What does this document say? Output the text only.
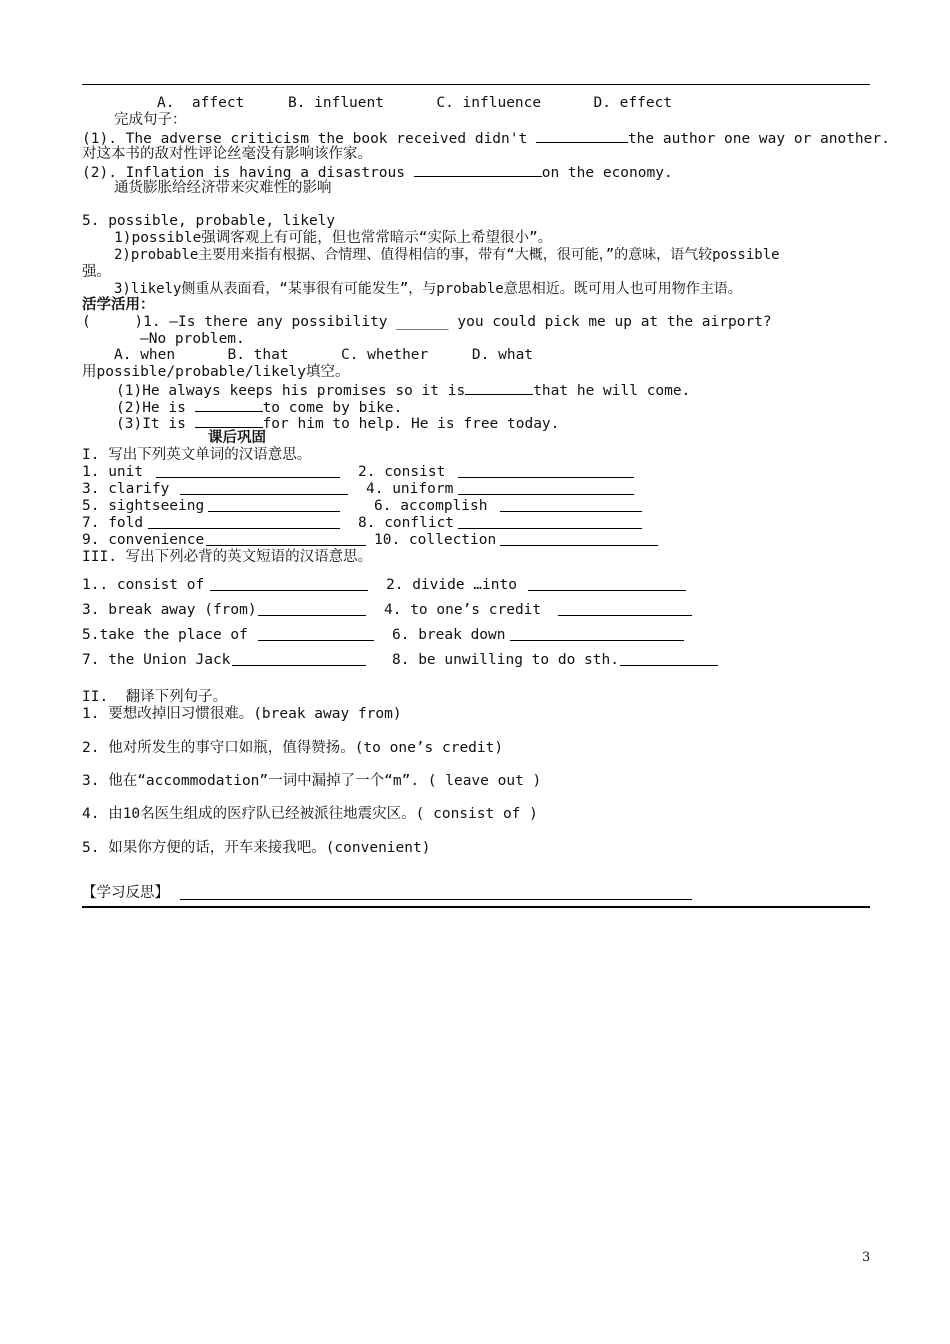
A.  affect     B. influent      C. influence      D. effect
完成句子：
(1). The adverse criticism the book received didn't	the author one way or another.
对这本书的敌对性评论丝毫没有影响该作家。
(2). Inflation is having a disastrous	on the economy.
通货膨胀给经济带来灾难性的影响
5. possible, probable, likely
1)possible强调客观上有可能，但也常常暗示“实际上希望很小”。
2)probable主要用来指有根据、合情理、值得相信的事，带有“大概，很可能，”的意味，语气较possible
强。
3)likely侧重从表面看，“某事很有可能发生”，与probable意思相近。既可用人也可用物作主语。
活学活用：
(     )1. —Is there any possibility ______ you could pick me up at the airport?
—No problem.
A. when      B. that      C. whether     D. what
用possible/probable/likely填空。
(1)He always keeps his promises so it is	that he will come.
(2)He is	to come by bike.
(3)It is	for him to help. He is free today.
课后巩固
I. 写出下列英文单词的汉语意思。
1. unit	2. consist
3. clarify	4. uniform
5. sightseeing	6. accomplish
7. fold	8. conflict
9. convenience	10. collection
III. 写出下列必背的英文短语的汉语意思。
1.. consist of	2. divide …into
3. break away (from)	4. to one’s credit
5.take the place of	6. break down
7. the Union Jack	8. be unwilling to do sth.
II.  翻译下列句子。
1. 要想改掉旧习惯很难。(break away from)
2. 他对所发生的事守口如瓶，值得赞扬。(to one’s credit)
3. 他在“accommodation”一词中漏掉了一个“m”. ( leave out )
4. 由10名医生组成的医疗队已经被派往地震灾区。( consist of )
5. 如果你方便的话，开车来接我吧。(convenient)
【学习反思】
3
